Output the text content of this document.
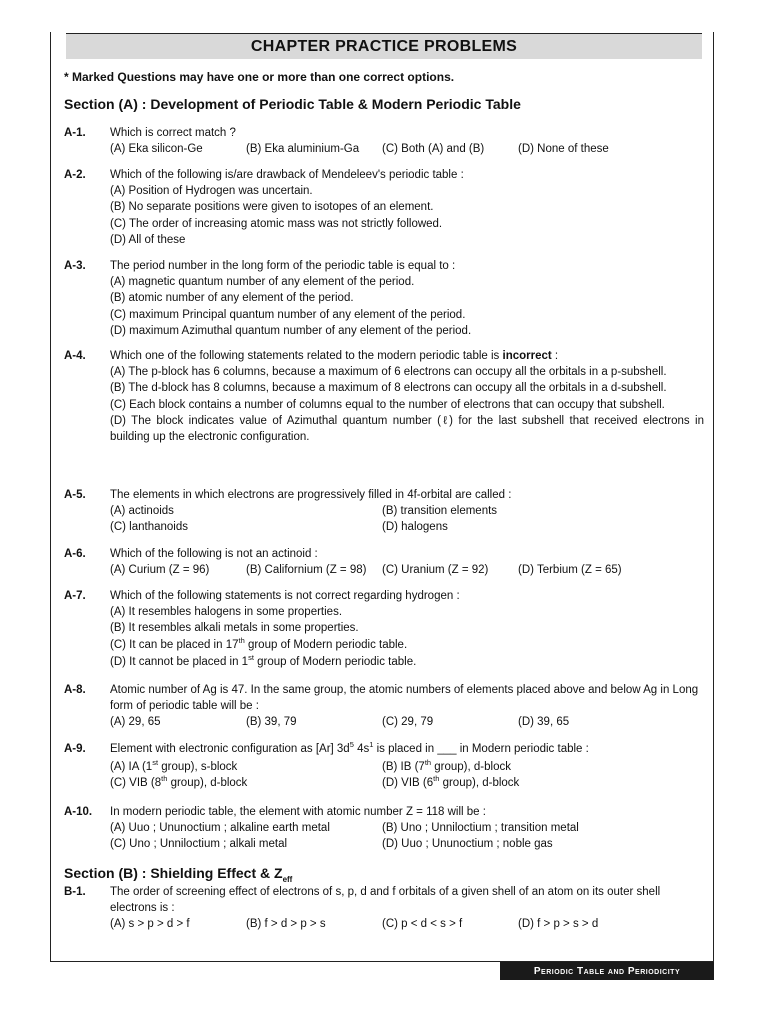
CHAPTER PRACTICE PROBLEMS
* Marked Questions may have one or more than one correct options.
Section (A) : Development of Periodic Table & Modern Periodic Table
A-1. Which is correct match ?
(A) Eka silicon-Ge	(B) Eka aluminium-Ga	(C) Both (A) and (B)	(D) None of these
A-2. Which of the following is/are drawback of Mendeleev's periodic table :
(A) Position of Hydrogen was uncertain.
(B) No separate positions were given to isotopes of an element.
(C) The order of increasing atomic mass was not strictly followed.
(D) All of these
A-3. The period number in the long form of the periodic table is equal to :
(A) magnetic quantum number of any element of the period.
(B) atomic number of any element of the period.
(C) maximum Principal quantum number of any element of the period.
(D) maximum Azimuthal quantum number of any element of the period.
A-4. Which one of the following statements related to the modern periodic table is incorrect :
(A) The p-block has 6 columns, because a maximum of 6 electrons can occupy all the orbitals in a p-subshell.
(B) The d-block has 8 columns, because a maximum of 8 electrons can occupy all the orbitals in a d-subshell.
(C) Each block contains a number of columns equal to the number of electrons that can occupy that subshell.
(D) The block indicates value of Azimuthal quantum number (ℓ) for the last subshell that received electrons in building up the electronic configuration.
A-5. The elements in which electrons are progressively filled in 4f-orbital are called :
(A) actinoids	(B) transition elements
(C) lanthanoids	(D) halogens
A-6. Which of the following is not an actinoid :
(A) Curium (Z = 96)	(B) Californium (Z = 98)	(C) Uranium (Z = 92)	(D) Terbium (Z = 65)
A-7. Which of the following statements is not correct regarding hydrogen :
(A) It resembles halogens in some properties.
(B) It resembles alkali metals in some properties.
(C) It can be placed in 17th group of Modern periodic table.
(D) It cannot be placed in 1st group of Modern periodic table.
A-8. Atomic number of Ag is 47. In the same group, the atomic numbers of elements placed above and below Ag in Long form of periodic table will be :
(A) 29, 65	(B) 39, 79	(C) 29, 79	(D) 39, 65
A-9. Element with electronic configuration as [Ar] $3d^5$ $4s^1$ is placed in ___ in Modern periodic table :
(A) IA (1st group), s-block	(B) IB (7th group), d-block
(C) VIB (8th group), d-block	(D) VIB (6th group), d-block
A-10. In modern periodic table, the element with atomic number Z = 118 will be :
(A) Uuo ; Ununoctium ; alkaline earth metal	(B) Uno ; Unniloctium ; transition metal
(C) Uno ; Unniloctium ; alkali metal	(D) Uuo ; Ununoctium ; noble gas
Section (B) : Shielding Effect & $Z_{eff}$
B-1. The order of screening effect of electrons of s, p, d and f orbitals of a given shell of an atom on its outer shell electrons is :
(A) s > p > d > f	(B) f > d > p > s	(C) p < d < s > f	(D) f > p > s > d
Periodic Table and Periodicity
